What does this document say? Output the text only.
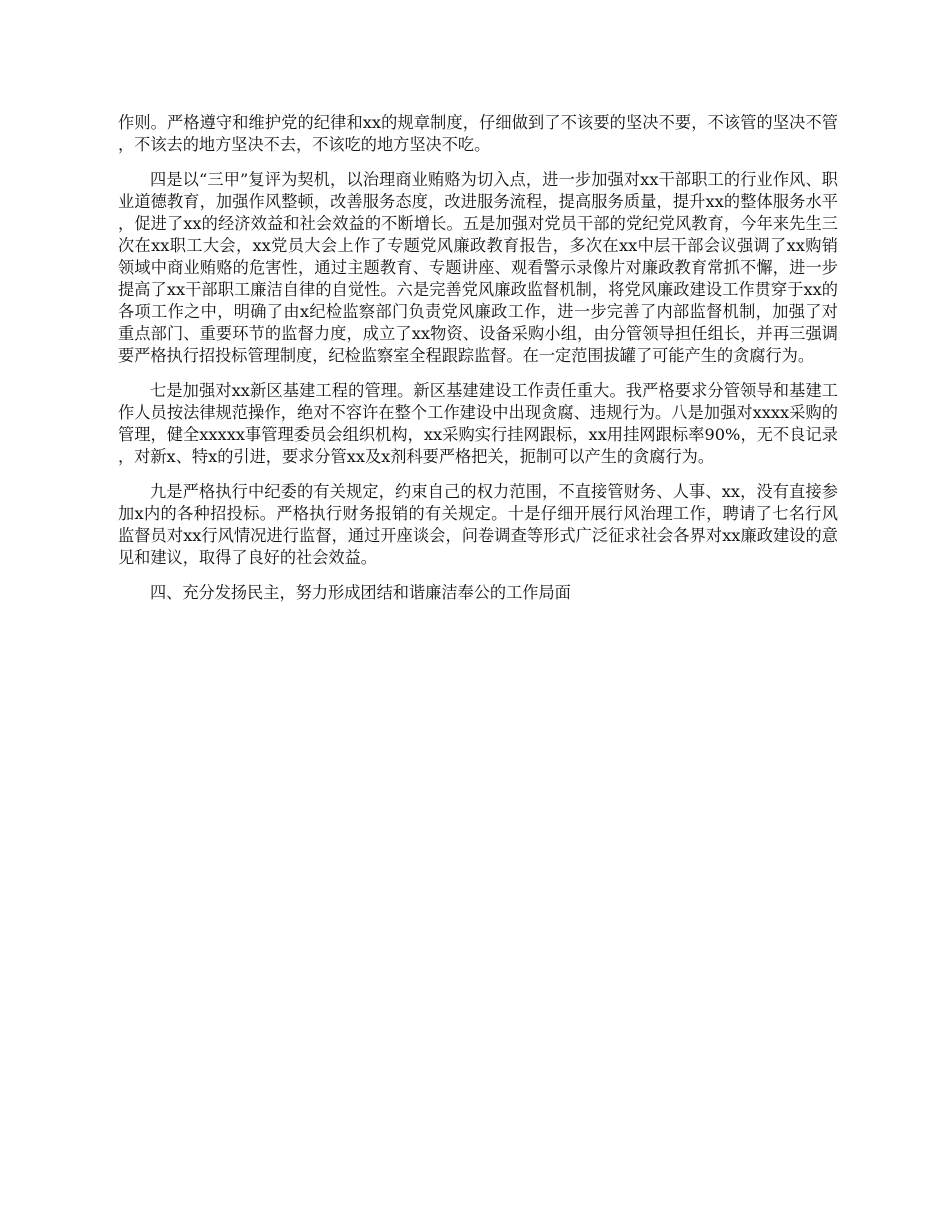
作则。严格遵守和维护党的纪律和xx的规章制度，仔细做到了不该要的坚决不要，不该管的坚决不管，不该去的地方坚决不去，不该吃的地方坚决不吃。

四是以“三甲”复评为契机，以治理商业贿赂为切入点，进一步加强对xx干部职工的行业作风、职业道德教育，加强作风整顿，改善服务态度，改进服务流程，提高服务质量，提升xx的整体服务水平，促进了xx的经济效益和社会效益的不断增长。五是加强对党员干部的党纪党风教育，今年来先生三次在xx职工大会，xx党员大会上作了专题党风廉政教育报告，多次在xx中层干部会议强调了xx购销领域中商业贿赂的危害性，通过主题教育、专题讲座、观看警示录像片对廉政教育常抓不懈，进一步提高了xx干部职工廉洁自律的自觉性。六是完善党风廉政监督机制，将党风廉政建设工作贯穿于xx的各项工作之中，明确了由x纪检监察部门负责党风廉政工作，进一步完善了内部监督机制，加强了对重点部门、重要环节的监督力度，成立了xx物资、设备采购小组，由分管领导担任组长，并再三强调要严格执行招投标管理制度，纪检监察室全程跟踪监督。在一定范围拔罐了可能产生的贪腐行为。

七是加强对xx新区基建工程的管理。新区基建建设工作责任重大。我严格要求分管领导和基建工作人员按法律规范操作，绝对不容许在整个工作建设中出现贪腐、违规行为。八是加强对xxxx采购的管理，健全xxxxx事管理委员会组织机构，xx采购实行挂网跟标，xx用挂网跟标率90%，无不良记录，对新x、特x的引进，要求分管xx及x剂科要严格把关，扼制可以产生的贪腐行为。

九是严格执行中纪委的有关规定，约束自己的权力范围，不直接管财务、人事、xx，没有直接参加x内的各种招投标。严格执行财务报销的有关规定。十是仔细开展行风治理工作，聘请了七名行风监督员对xx行风情况进行监督，通过开座谈会，问卷调查等形式广泛征求社会各界对xx廉政建设的意见和建议，取得了良好的社会效益。

四、充分发扬民主，努力形成团结和谐廉洁奉公的工作局面
